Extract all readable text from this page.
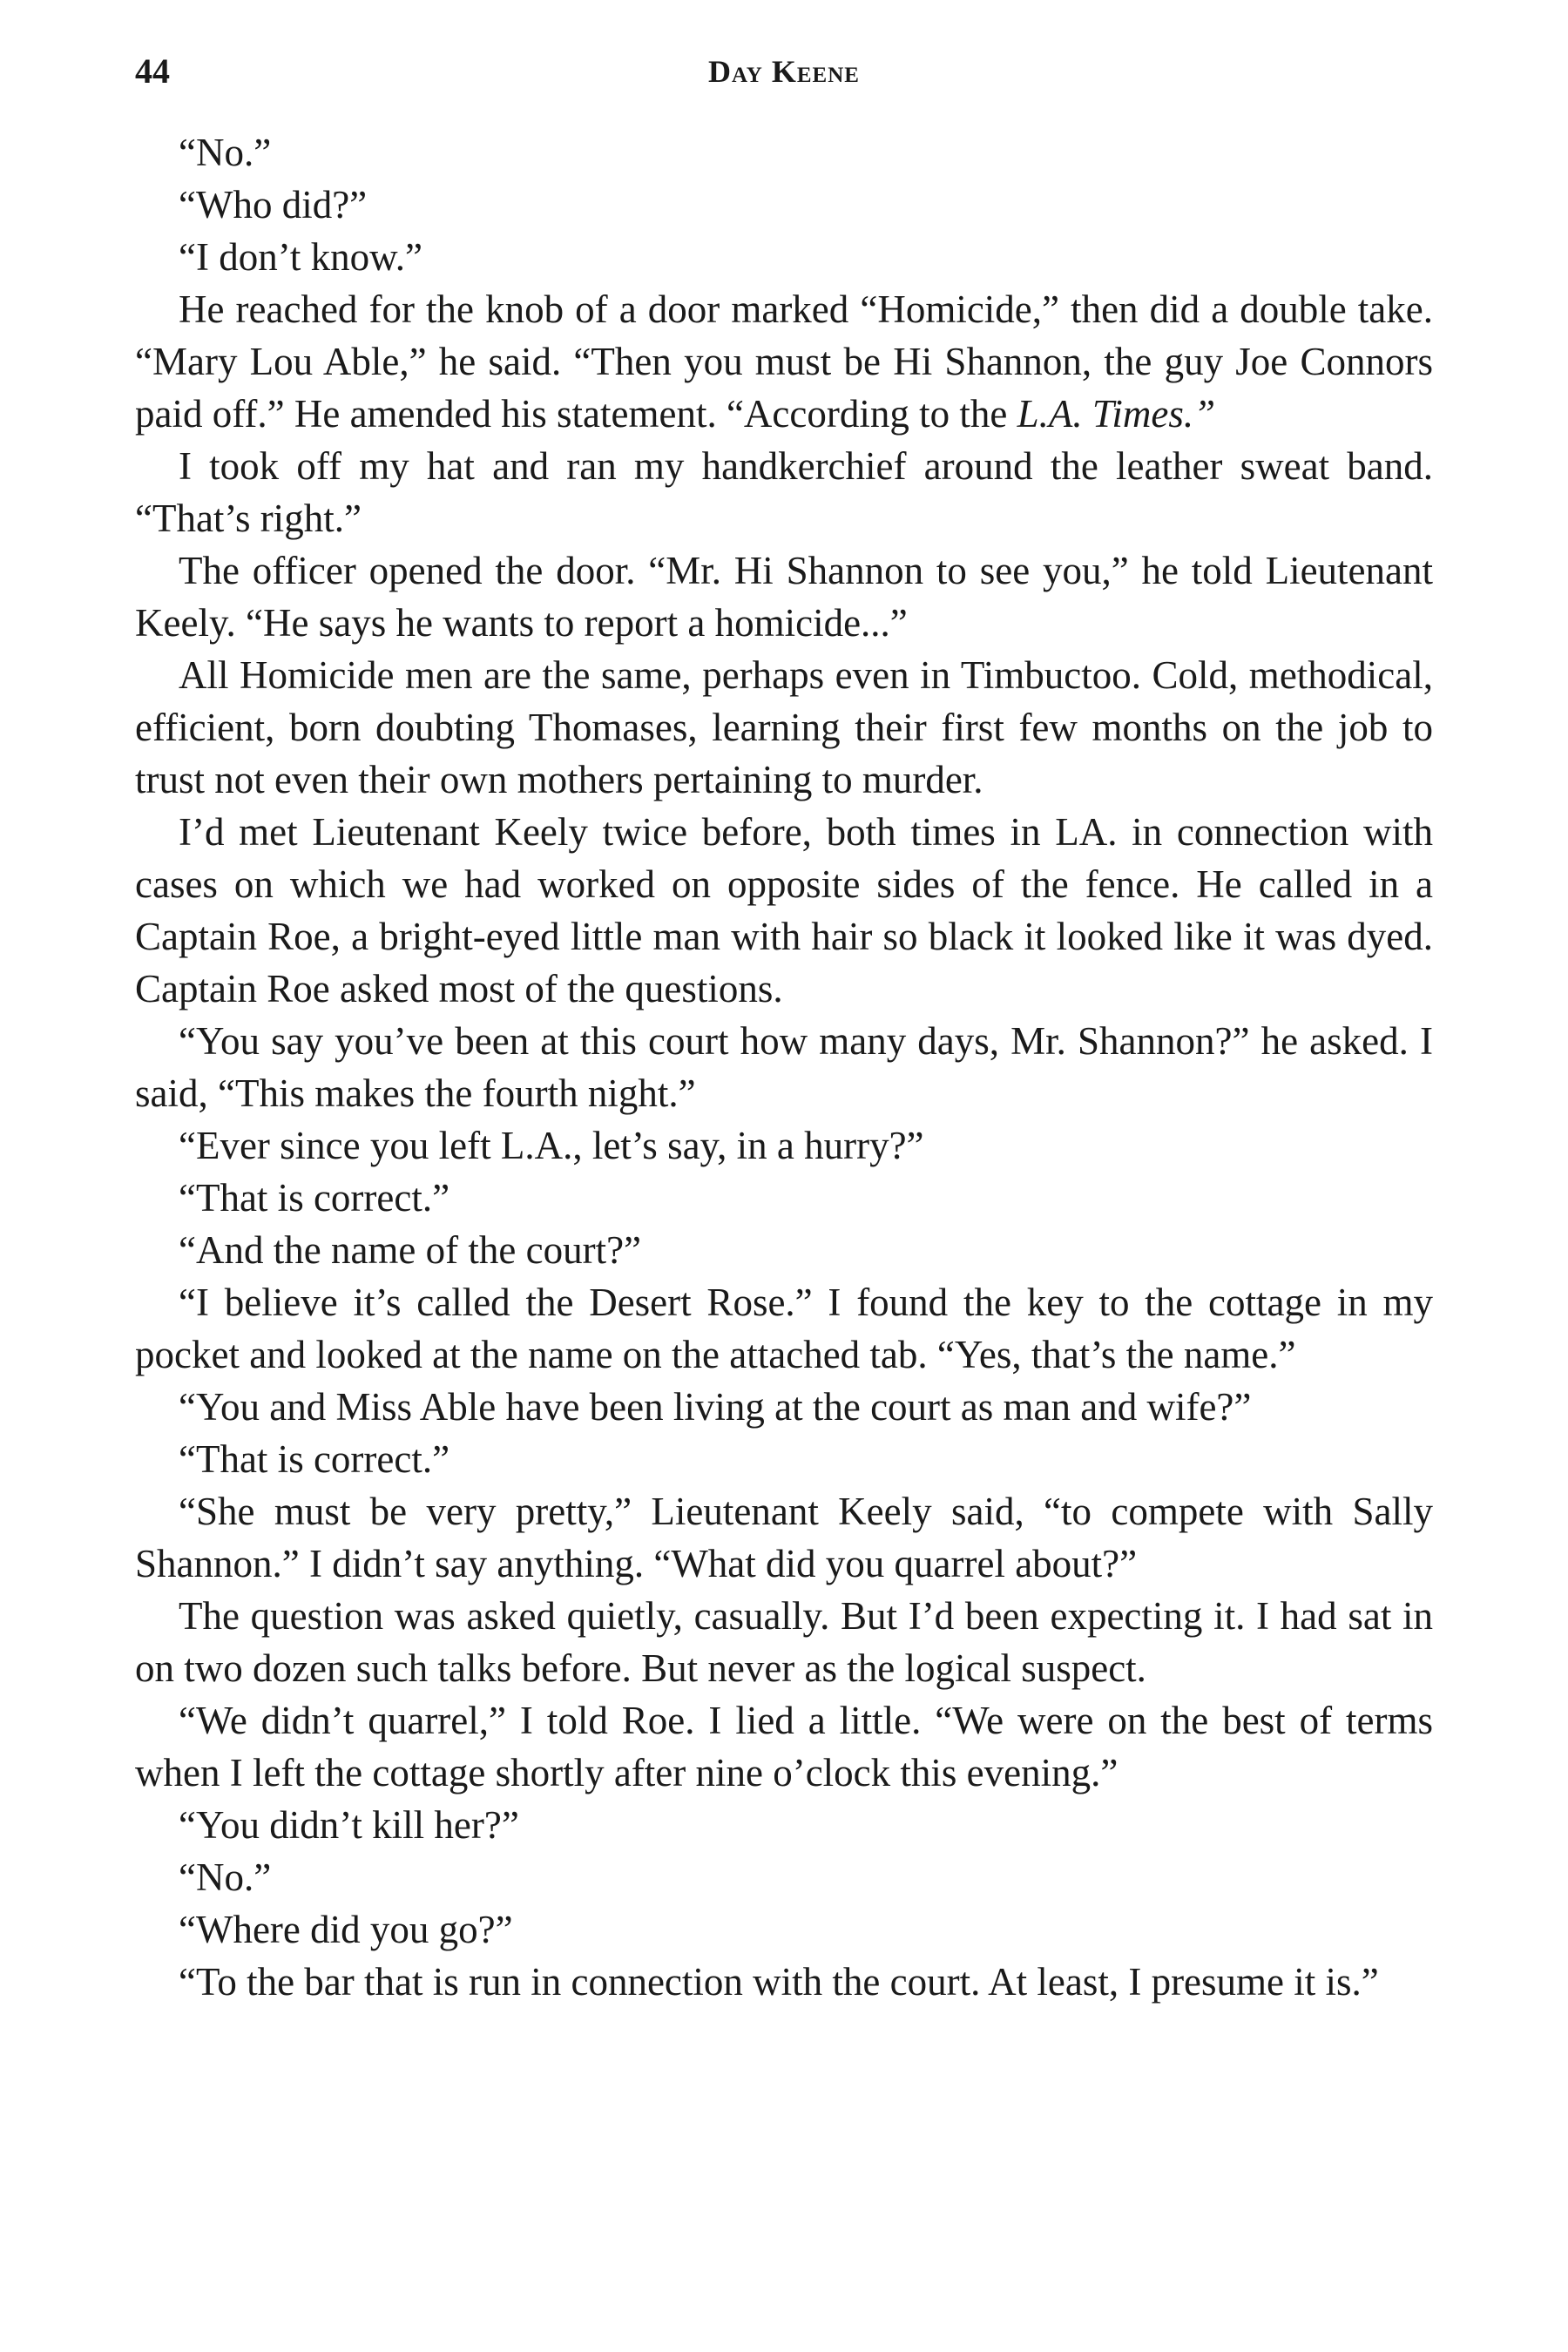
44	Day Keene

“No.”

“Who did?”

“I don’t know.”

He reached for the knob of a door marked “Homicide,” then did a double take. “Mary Lou Able,” he said. “Then you must be Hi Shannon, the guy Joe Connors paid off.” He amended his statement. “According to the L.A. Times.”

I took off my hat and ran my handkerchief around the leather sweat band. “That’s right.”

The officer opened the door. “Mr. Hi Shannon to see you,” he told Lieutenant Keely. “He says he wants to report a homicide...”

All Homicide men are the same, perhaps even in Timbuctoo. Cold, methodical, efficient, born doubting Thomases, learning their first few months on the job to trust not even their own mothers pertaining to murder.

I’d met Lieutenant Keely twice before, both times in LA. in connection with cases on which we had worked on opposite sides of the fence. He called in a Captain Roe, a bright-eyed little man with hair so black it looked like it was dyed. Captain Roe asked most of the questions.

“You say you’ve been at this court how many days, Mr. Shannon?” he asked. I said, “This makes the fourth night.”

“Ever since you left L.A., let’s say, in a hurry?”

“That is correct.”

“And the name of the court?”

“I believe it’s called the Desert Rose.” I found the key to the cottage in my pocket and looked at the name on the attached tab. “Yes, that’s the name.”

“You and Miss Able have been living at the court as man and wife?”

“That is correct.”

“She must be very pretty,” Lieutenant Keely said, “to compete with Sally Shannon.” I didn’t say anything. “What did you quarrel about?”

The question was asked quietly, casually. But I’d been expecting it. I had sat in on two dozen such talks before. But never as the logical suspect.

“We didn’t quarrel,” I told Roe. I lied a little. “We were on the best of terms when I left the cottage shortly after nine o’clock this evening.”

“You didn’t kill her?”

“No.”

“Where did you go?”

“To the bar that is run in connection with the court. At least, I presume it is.”
